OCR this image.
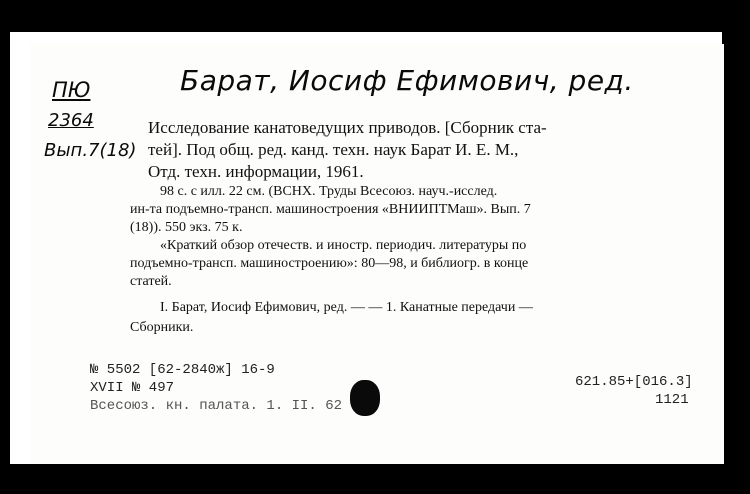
ПЮ
2364
Вып.7(18)
Барат, Иосиф Ефимович, ред.
Исследование канатоведущих приводов. [Сборник ста-
тей]. Под общ. ред. канд. техн. наук Барат И. Е. М.,
Отд. техн. информации, 1961.
98 с. с илл. 22 см. (ВСНХ. Труды Всесоюз. науч.-исслед.
ин-та подъемно-трансп. машиностроения «ВНИИПТМаш». Вып. 7
(18)). 550 экз. 75 к.
«Краткий обзор отечеств. и иностр. периодич. литературы по
подъемно-трансп. машиностроению»: 80—98, и библиогр. в конце
статей.
I. Барат, Иосиф Ефимович, ред. — — 1. Канатные передачи —
Сборники.
№ 5502 [62-2840ж] 16-9
XVII № 497
Всесоюз. кн. палата. 1. II. 62
621.85+[016.3]
1121
